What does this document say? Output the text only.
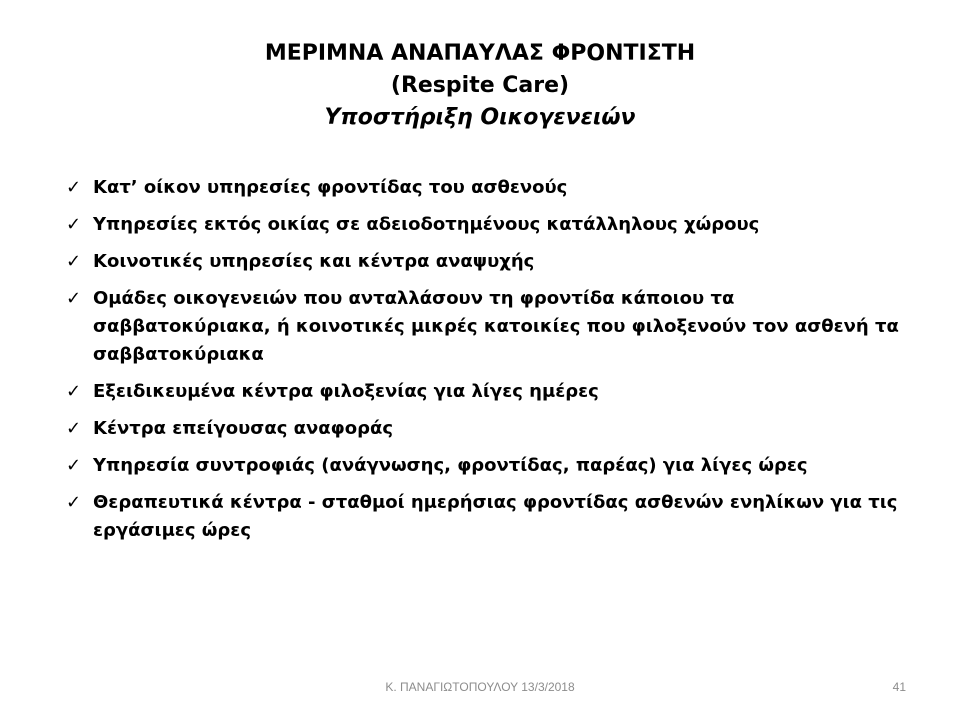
ΜΕΡΙΜΝΑ ΑΝΑΠΑΥΛΑΣ ΦΡΟΝΤΙΣΤΗ
(Respite Care)
Υποστήριξη Οικογενειών
✓ Κατ’ οίκον υπηρεσίες φροντίδας του ασθενούς
✓ Υπηρεσίες εκτός οικίας σε αδειοδοτημένους κατάλληλους χώρους
✓ Κοινοτικές υπηρεσίες και κέντρα αναψυχής
✓ Ομάδες οικογενειών που ανταλλάσουν τη φροντίδα κάποιου τα σαββατοκύριακα, ή κοινοτικές μικρές κατοικίες που φιλοξενούν τον ασθενή τα σαββατοκύριακα
✓ Εξειδικευμένα κέντρα φιλοξενίας για λίγες ημέρες
✓ Κέντρα επείγουσας αναφοράς
✓ Υπηρεσία συντροφιάς (ανάγνωσης, φροντίδας, παρέας) για λίγες ώρες
✓ Θεραπευτικά κέντρα - σταθμοί ημερήσιας φροντίδας ασθενών ενηλίκων για τις εργάσιμες ώρες
Κ. ΠΑΝΑΓΙΩΤΟΠΟΥΛΟΥ 13/3/2018	41
